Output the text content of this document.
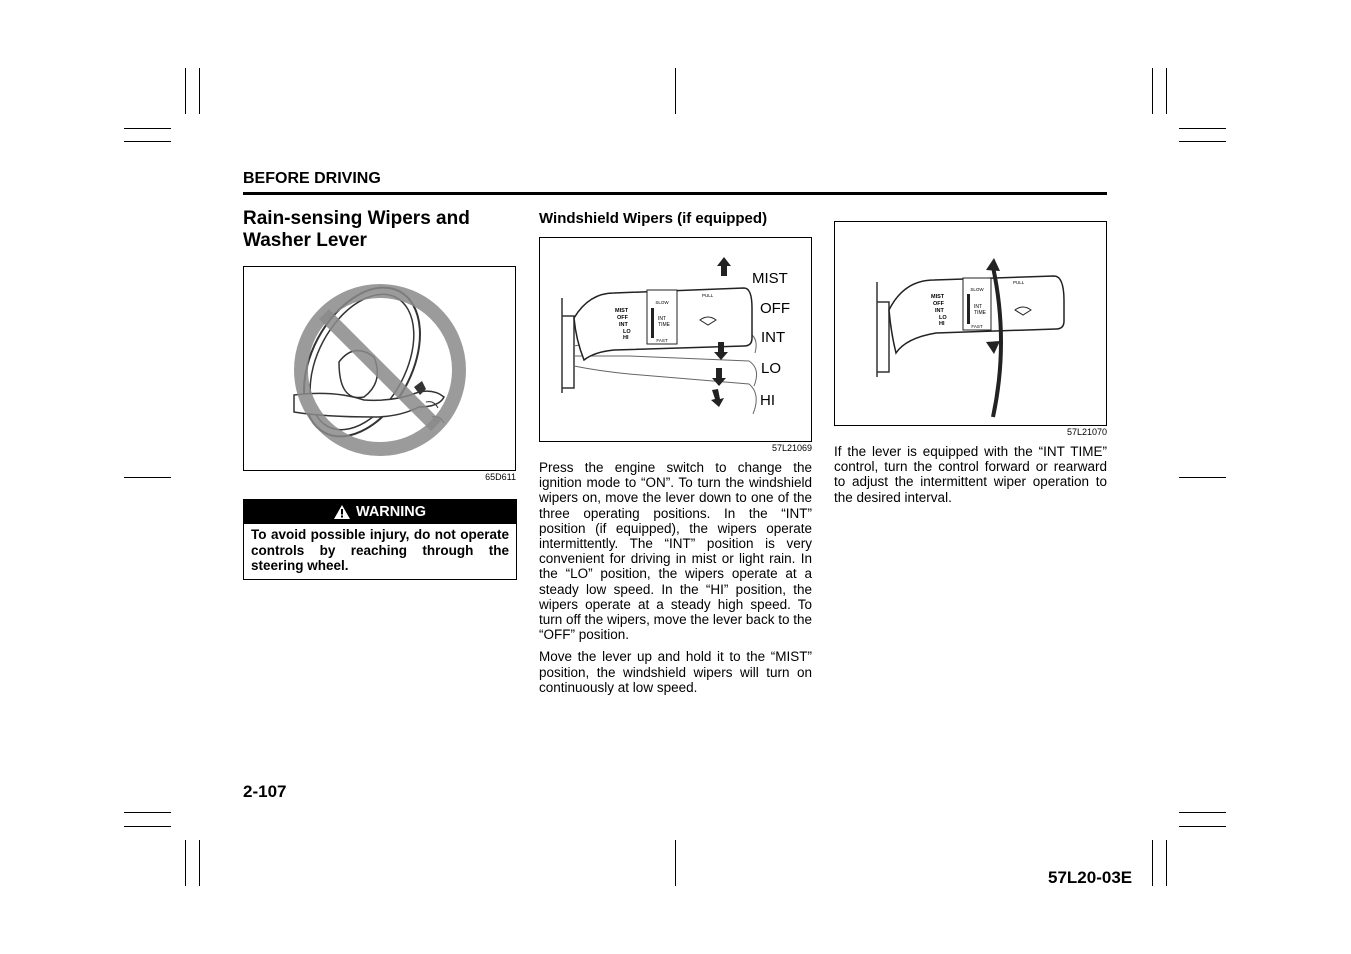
BEFORE DRIVING
Rain-sensing Wipers and Washer Lever
65D611
WARNING
To avoid possible injury, do not operate controls by reaching through the steering wheel.
Windshield Wipers (if equipped)
SLOW
INT
TIME
FAST
MIST
OFF
INT
LO
HI
PULL
MIST
OFF
INT
LO
HI
57L21069

Press the engine switch to change the ignition mode to “ON”. To turn the windshield wipers on, move the lever down to one of the three operating positions. In the “INT” position (if equipped), the wipers operate intermittently. The “INT” position is very convenient for driving in mist or light rain. In the “LO” position, the wipers operate at a steady low speed. In the “HI” position, the wipers operate at a steady high speed. To turn off the wipers, move the lever back to the “OFF” position.

Move the lever up and hold it to the “MIST” position, the windshield wipers will turn on continuously at low speed.

SLOW
INT
TIME
FAST
MIST
OFF
INT
LO
HI
PULL
57L21070

If the lever is equipped with the “INT TIME” control, turn the control forward or rearward to adjust the intermittent wiper operation to the desired interval.

2-107
57L20-03E
